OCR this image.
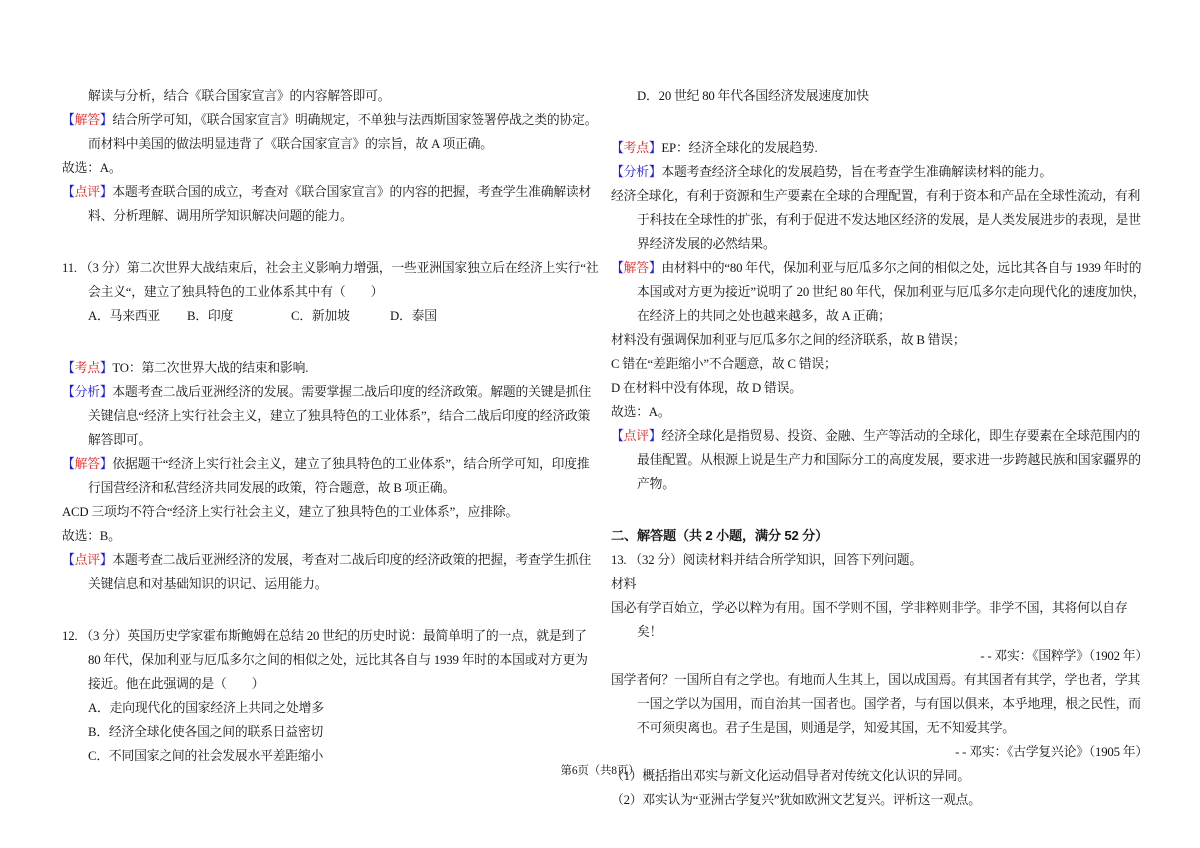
解读与分析，结合《联合国家宣言》的内容解答即可。

【解答】结合所学可知，《联合国家宣言》明确规定，不单独与法西斯国家签署停战之类的协定。而材料中美国的做法明显违背了《联合国家宣言》的宗旨，故 A 项正确。

故选：A。

【点评】本题考查联合国的成立，考查对《联合国家宣言》的内容的把握，考查学生准确解读材料、分析理解、调用所学知识解决问题的能力。

11. （3 分）第二次世界大战结束后，社会主义影响力增强，一些亚洲国家独立后在经济上实行“社会主义“，建立了独具特色的工业体系其中有（　　）

A．马来西亚 B．印度	C．新加坡	D．泰国

【考点】TO：第二次世界大战的结束和影响.

【分析】本题考查二战后亚洲经济的发展。需要掌握二战后印度的经济政策。解题的关键是抓住关键信息“经济上实行社会主义，建立了独具特色的工业体系”，结合二战后印度的经济政策解答即可。

【解答】依据题干“经济上实行社会主义，建立了独具特色的工业体系”，结合所学可知，印度推行国营经济和私营经济共同发展的政策，符合题意，故 B 项正确。

ACD 三项均不符合“经济上实行社会主义，建立了独具特色的工业体系”，应排除。

故选：B。

【点评】本题考查二战后亚洲经济的发展，考查对二战后印度的经济政策的把握，考查学生抓住关键信息和对基础知识的识记、运用能力。

12. （3 分）英国历史学家霍布斯鲍姆在总结 20 世纪的历史时说：最简单明了的一点，就是到了 80 年代，保加利亚与厄瓜多尔之间的相似之处，远比其各自与 1939 年时的本国或对方更为接近。他在此强调的是（　　）

A．走向现代化的国家经济上共同之处增多

B．经济全球化使各国之间的联系日益密切

C．不同国家之间的社会发展水平差距缩小

D．20 世纪 80 年代各国经济发展速度加快

【考点】EP：经济全球化的发展趋势.

【分析】本题考查经济全球化的发展趋势，旨在考查学生准确解读材料的能力。

经济全球化，有利于资源和生产要素在全球的合理配置，有利于资本和产品在全球性流动，有利于科技在全球性的扩张，有利于促进不发达地区经济的发展，是人类发展进步的表现，是世界经济发展的必然结果。

【解答】由材料中的“80 年代，保加利亚与厄瓜多尔之间的相似之处，远比其各自与 1939 年时的本国或对方更为接近”说明了 20 世纪 80 年代，保加利亚与厄瓜多尔走向现代化的速度加快，在经济上的共同之处也越来越多，故 A 正确；

材料没有强调保加利亚与厄瓜多尔之间的经济联系，故 B 错误；

C 错在“差距缩小”不合题意，故 C 错误；

D 在材料中没有体现，故 D 错误。

故选：A。

【点评】经济全球化是指贸易、投资、金融、生产等活动的全球化，即生存要素在全球范围内的最佳配置。从根源上说是生产力和国际分工的高度发展，要求进一步跨越民族和国家疆界的产物。

二、解答题（共 2 小题，满分 52 分）

13. （32 分）阅读材料并结合所学知识，回答下列问题。

材料

国必有学百始立，学必以粹为有用。国不学则不国，学非粹则非学。非学不国，其将何以自存矣！

- - 邓实：《国粹学》（1902 年）

国学者何？一国所自有之学也。有地而人生其上，国以成国焉。有其国者有其学，学也者，学其一国之学以为国用，而自治其一国者也。国学者，与有国以俱来，本乎地理，根之民性，而不可须臾离也。君子生是国，则通是学，知爱其国，无不知爱其学。

- - 邓实：《古学复兴论》（1905 年）

（1）概括指出邓实与新文化运动倡导者对传统文化认识的异同。

（2）邓实认为“亚洲古学复兴”犹如欧洲文艺复兴。评析这一观点。

第6页（共8页）
